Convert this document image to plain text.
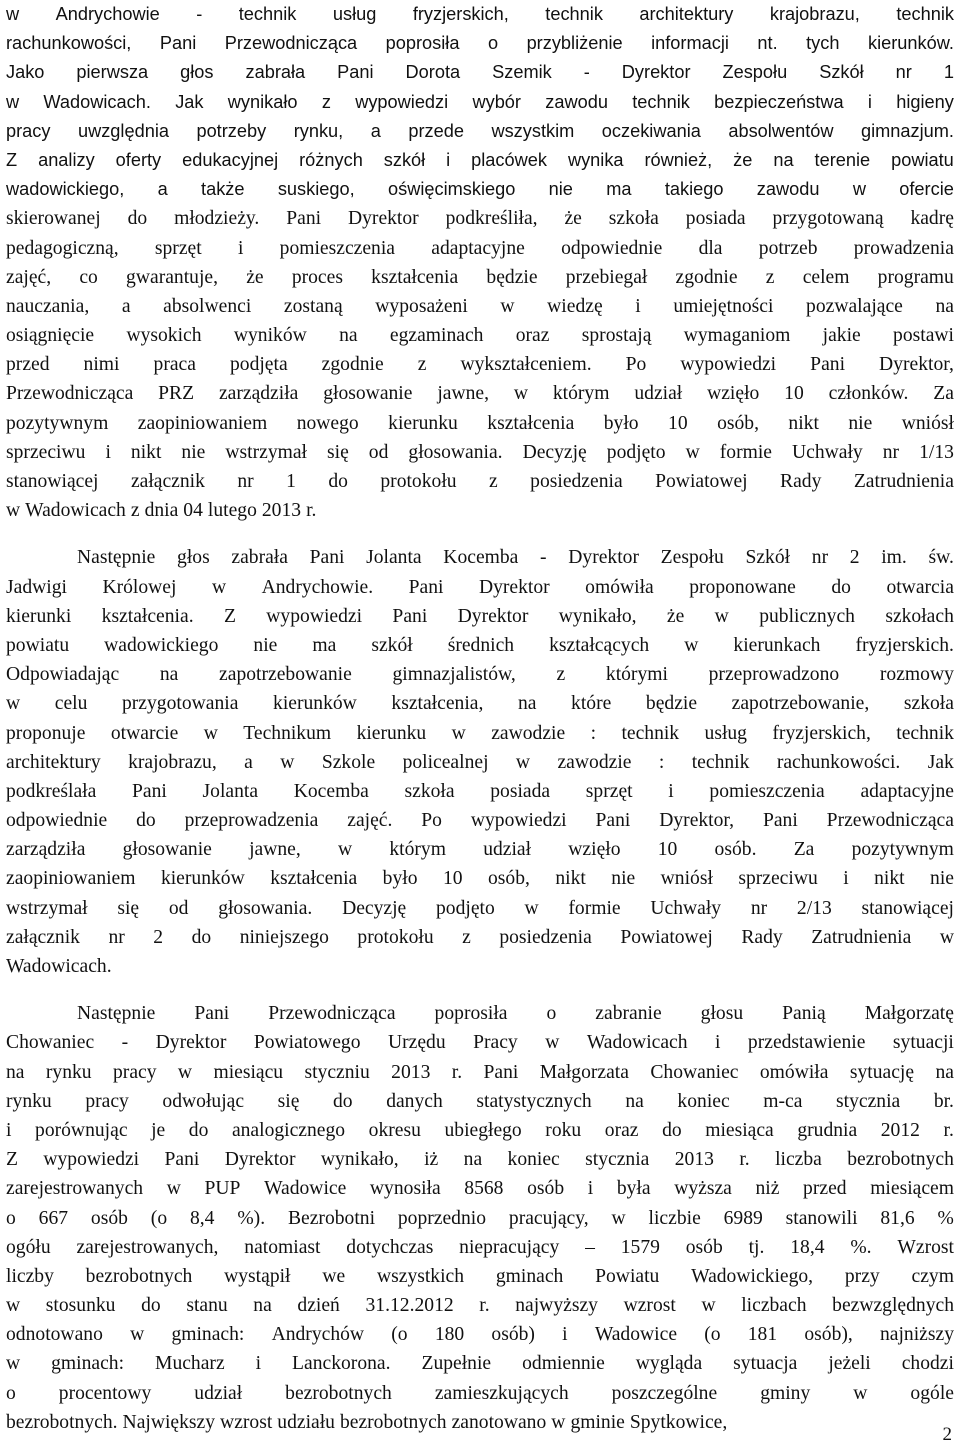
w Andrychowie - technik usług fryzjerskich, technik architektury krajobrazu, technik
rachunkowości, Pani Przewodnicząca poprosiła o przybliżenie informacji nt. tych kierunków.
Jako pierwsza głos zabrała Pani Dorota Szemik - Dyrektor Zespołu Szkół nr 1
w Wadowicach. Jak wynikało z wypowiedzi wybór zawodu technik bezpieczeństwa i higieny
pracy uwzględnia potrzeby rynku, a przede wszystkim oczekiwania absolwentów gimnazjum.
Z analizy oferty edukacyjnej różnych szkół i placówek wynika również, że na terenie powiatu
wadowickiego, a także suskiego, oświęcimskiego nie ma takiego zawodu w ofercie
skierowanej do młodzieży. Pani Dyrektor podkreśliła, że szkoła posiada przygotowaną kadrę
pedagogiczną, sprzęt i pomieszczenia adaptacyjne odpowiednie dla potrzeb prowadzenia
zajęć, co gwarantuje, że proces kształcenia będzie przebiegał zgodnie z celem programu
nauczania, a absolwenci zostaną wyposażeni w wiedzę i umiejętności pozwalające na
osiągnięcie wysokich wyników na egzaminach oraz sprostają wymaganiom jakie postawi
przed nimi praca podjęta zgodnie z wykształceniem. Po wypowiedzi Pani Dyrektor,
Przewodnicząca PRZ zarządziła głosowanie jawne, w którym udział wzięło 10 członków. Za
pozytywnym zaopiniowaniem nowego kierunku kształcenia było 10 osób, nikt nie wniósł
sprzeciwu i nikt nie wstrzymał się od głosowania. Decyzję podjęto w formie Uchwały nr 1/13
stanowiącej załącznik nr 1 do protokołu z posiedzenia Powiatowej Rady Zatrudnienia
w Wadowicach z dnia 04 lutego 2013 r.
Następnie głos zabrała Pani Jolanta Kocemba - Dyrektor Zespołu Szkół nr 2 im. św.
Jadwigi Królowej w Andrychowie. Pani Dyrektor omówiła proponowane do otwarcia
kierunki kształcenia. Z wypowiedzi Pani Dyrektor wynikało, że w publicznych szkołach
powiatu wadowickiego nie ma szkół średnich kształcących w kierunkach fryzjerskich.
Odpowiadając na zapotrzebowanie gimnazjalistów, z którymi przeprowadzono rozmowy
w celu przygotowania kierunków kształcenia, na które będzie zapotrzebowanie, szkoła
proponuje otwarcie w Technikum kierunku w zawodzie : technik usług fryzjerskich, technik
architektury krajobrazu, a w Szkole policealnej w zawodzie : technik rachunkowości. Jak
podkreślała Pani Jolanta Kocemba szkoła posiada sprzęt i pomieszczenia adaptacyjne
odpowiednie do przeprowadzenia zajęć. Po wypowiedzi Pani Dyrektor, Pani Przewodnicząca
zarządziła głosowanie jawne, w którym udział wzięło 10 osób. Za pozytywnym
zaopiniowaniem kierunków kształcenia było 10 osób, nikt nie wniósł sprzeciwu i nikt nie
wstrzymał się od głosowania. Decyzję podjęto w formie Uchwały nr 2/13 stanowiącej
załącznik nr 2 do niniejszego protokołu z posiedzenia Powiatowej Rady Zatrudnienia w
Wadowicach.
Następnie Pani Przewodnicząca poprosiła o zabranie głosu Panią Małgorzatę
Chowaniec - Dyrektor Powiatowego Urzędu Pracy w Wadowicach i przedstawienie sytuacji
na rynku pracy w miesiącu styczniu 2013 r. Pani Małgorzata Chowaniec omówiła sytuację na
rynku pracy odwołując się do danych statystycznych na koniec m-ca stycznia br.
i porównując je do analogicznego okresu ubiegłego roku oraz do miesiąca grudnia 2012 r.
Z wypowiedzi Pani Dyrektor wynikało, iż na koniec stycznia 2013 r. liczba bezrobotnych
zarejestrowanych w PUP Wadowice wynosiła 8568 osób i była wyższa niż przed miesiącem
o 667 osób (o 8,4 %). Bezrobotni poprzednio pracujący, w liczbie 6989 stanowili 81,6 %
ogółu zarejestrowanych, natomiast dotychczas niepracujący – 1579 osób tj. 18,4 %. Wzrost
liczby bezrobotnych wystąpił we wszystkich gminach Powiatu Wadowickiego, przy czym
w stosunku do stanu na dzień 31.12.2012 r. najwyższy wzrost w liczbach bezwzględnych
odnotowano w gminach: Andrychów (o 180 osób) i Wadowice (o 181 osób), najniższy
w gminach: Mucharz i Lanckorona. Zupełnie odmiennie wygląda sytuacja jeżeli chodzi
o procentowy udział bezrobotnych zamieszkujących poszczególne gminy w ogóle
bezrobotnych. Największy wzrost udziału bezrobotnych zanotowano w gminie Spytkowice,
2
